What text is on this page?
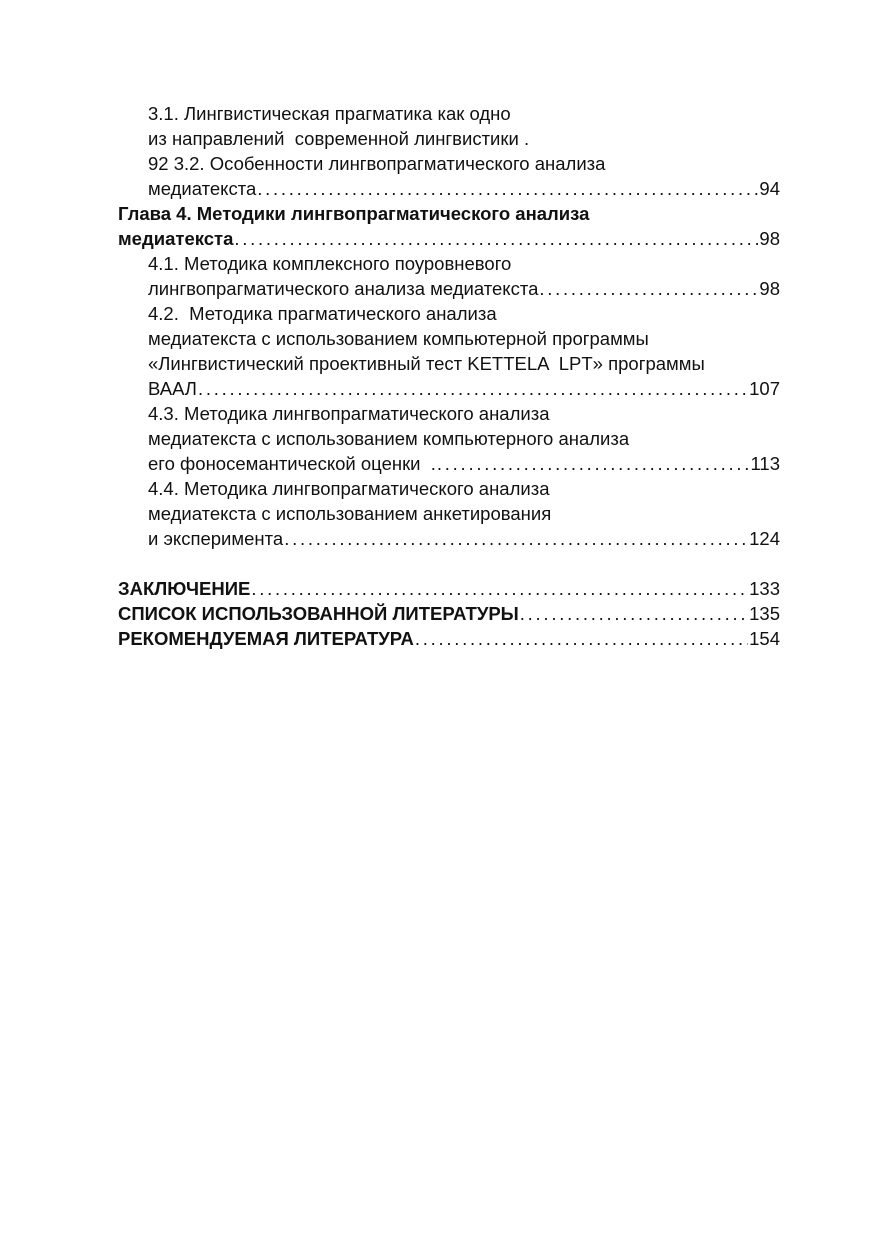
3.1. Лингвистическая прагматика как одно
из направлений  современной лингвистики .
92 3.2. Особенности лингвопрагматического анализа
медиатекста . . .	94
Глава 4. Методики лингвопрагматического анализа
медиатекста . . .	98
4.1. Методика комплексного поуровневого
лингвопрагматического анализа медиатекста . . .	98
4.2.  Методика прагматического анализа
медиатекста с использованием компьютерной программы
«Лингвистический проективный тест KETTELA  LPT» программы
ВААЛ . . .	107
4.3. Методика лингвопрагматического анализа
медиатекста с использованием компьютерного анализа
его фоносемантической оценки  . . . .	113
4.4. Методика лингвопрагматического анализа
медиатекста с использованием анкетирования
и эксперимента . . .	124
ЗАКЛЮЧЕНИЕ . . .	133
СПИСОК ИСПОЛЬЗОВАННОЙ ЛИТЕРАТУРЫ . . .	135
РЕКОМЕНДУЕМАЯ ЛИТЕРАТУРА . . .	154
